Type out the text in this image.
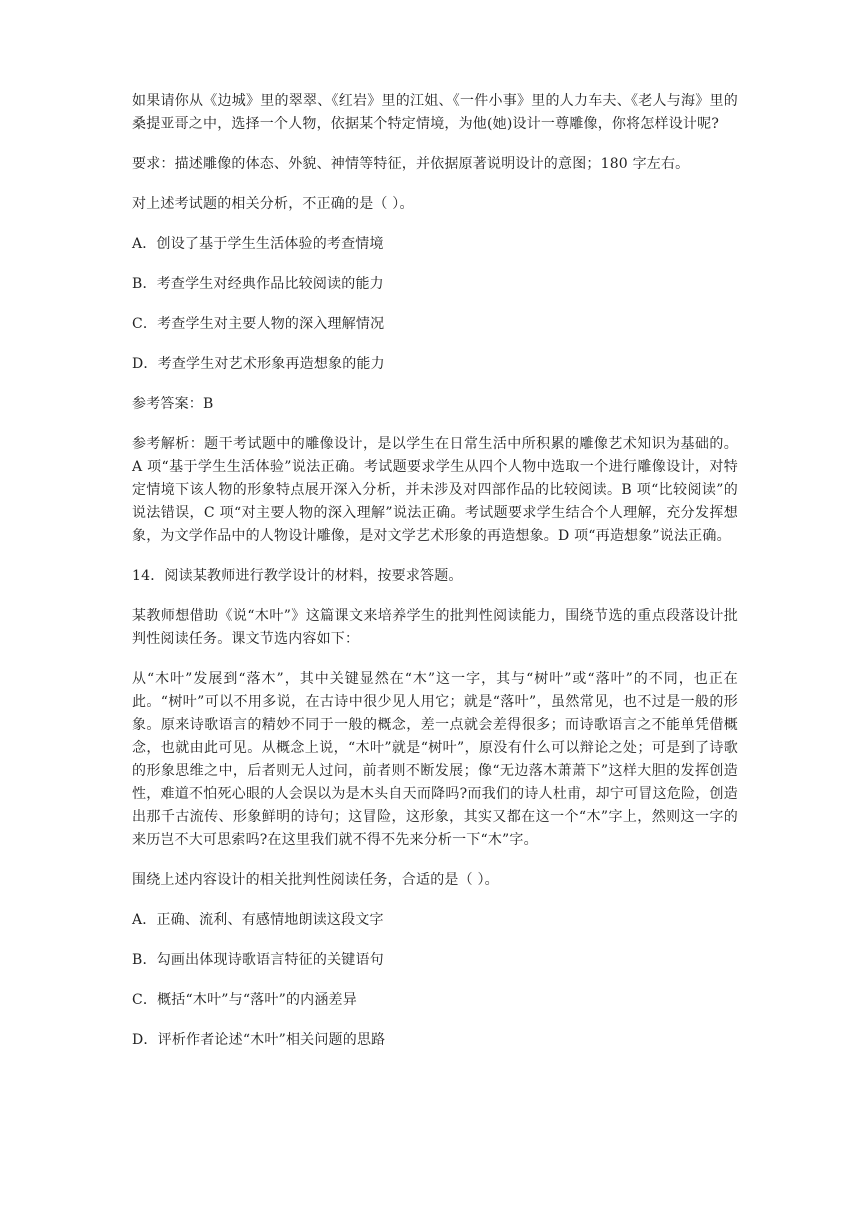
如果请你从《边城》里的翠翠、《红岩》里的江姐、《一件小事》里的人力车夫、《老人与海》里的桑提亚哥之中，选择一个人物，依据某个特定情境，为他(她)设计一尊雕像，你将怎样设计呢?

要求：描述雕像的体态、外貌、神情等特征，并依据原著说明设计的意图；180 字左右。

对上述考试题的相关分析，不正确的是（ ）。

A．创设了基于学生生活体验的考查情境

B．考查学生对经典作品比较阅读的能力

C．考查学生对主要人物的深入理解情况

D．考查学生对艺术形象再造想象的能力

参考答案：B

参考解析：题干考试题中的雕像设计，是以学生在日常生活中所积累的雕像艺术知识为基础的。A 项“基于学生生活体验”说法正确。考试题要求学生从四个人物中选取一个进行雕像设计，对特定情境下该人物的形象特点展开深入分析，并未涉及对四部作品的比较阅读。B 项“比较阅读”的说法错误，C 项“对主要人物的深入理解”说法正确。考试题要求学生结合个人理解，充分发挥想象，为文学作品中的人物设计雕像，是对文学艺术形象的再造想象。D 项“再造想象”说法正确。

14．阅读某教师进行教学设计的材料，按要求答题。

某教师想借助《说“木叶”》这篇课文来培养学生的批判性阅读能力，围绕节选的重点段落设计批判性阅读任务。课文节选内容如下：

从“木叶”发展到“落木”，其中关键显然在“木”这一字，其与“树叶”或“落叶”的不同，也正在此。“树叶”可以不用多说，在古诗中很少见人用它；就是“落叶”，虽然常见，也不过是一般的形象。原来诗歌语言的精妙不同于一般的概念，差一点就会差得很多；而诗歌语言之不能单凭借概念，也就由此可见。从概念上说，“木叶”就是“树叶”，原没有什么可以辩论之处；可是到了诗歌的形象思维之中，后者则无人过问，前者则不断发展；像“无边落木萧萧下”这样大胆的发挥创造性，难道不怕死心眼的人会误以为是木头自天而降吗?而我们的诗人杜甫，却宁可冒这危险，创造出那千古流传、形象鲜明的诗句；这冒险，这形象，其实又都在这一个“木”字上，然则这一字的来历岂不大可思索吗?在这里我们就不得不先来分析一下“木”字。

围绕上述内容设计的相关批判性阅读任务，合适的是（ ）。

A．正确、流利、有感情地朗读这段文字

B．勾画出体现诗歌语言特征的关键语句

C．概括“木叶”与“落叶”的内涵差异

D．评析作者论述“木叶”相关问题的思路
